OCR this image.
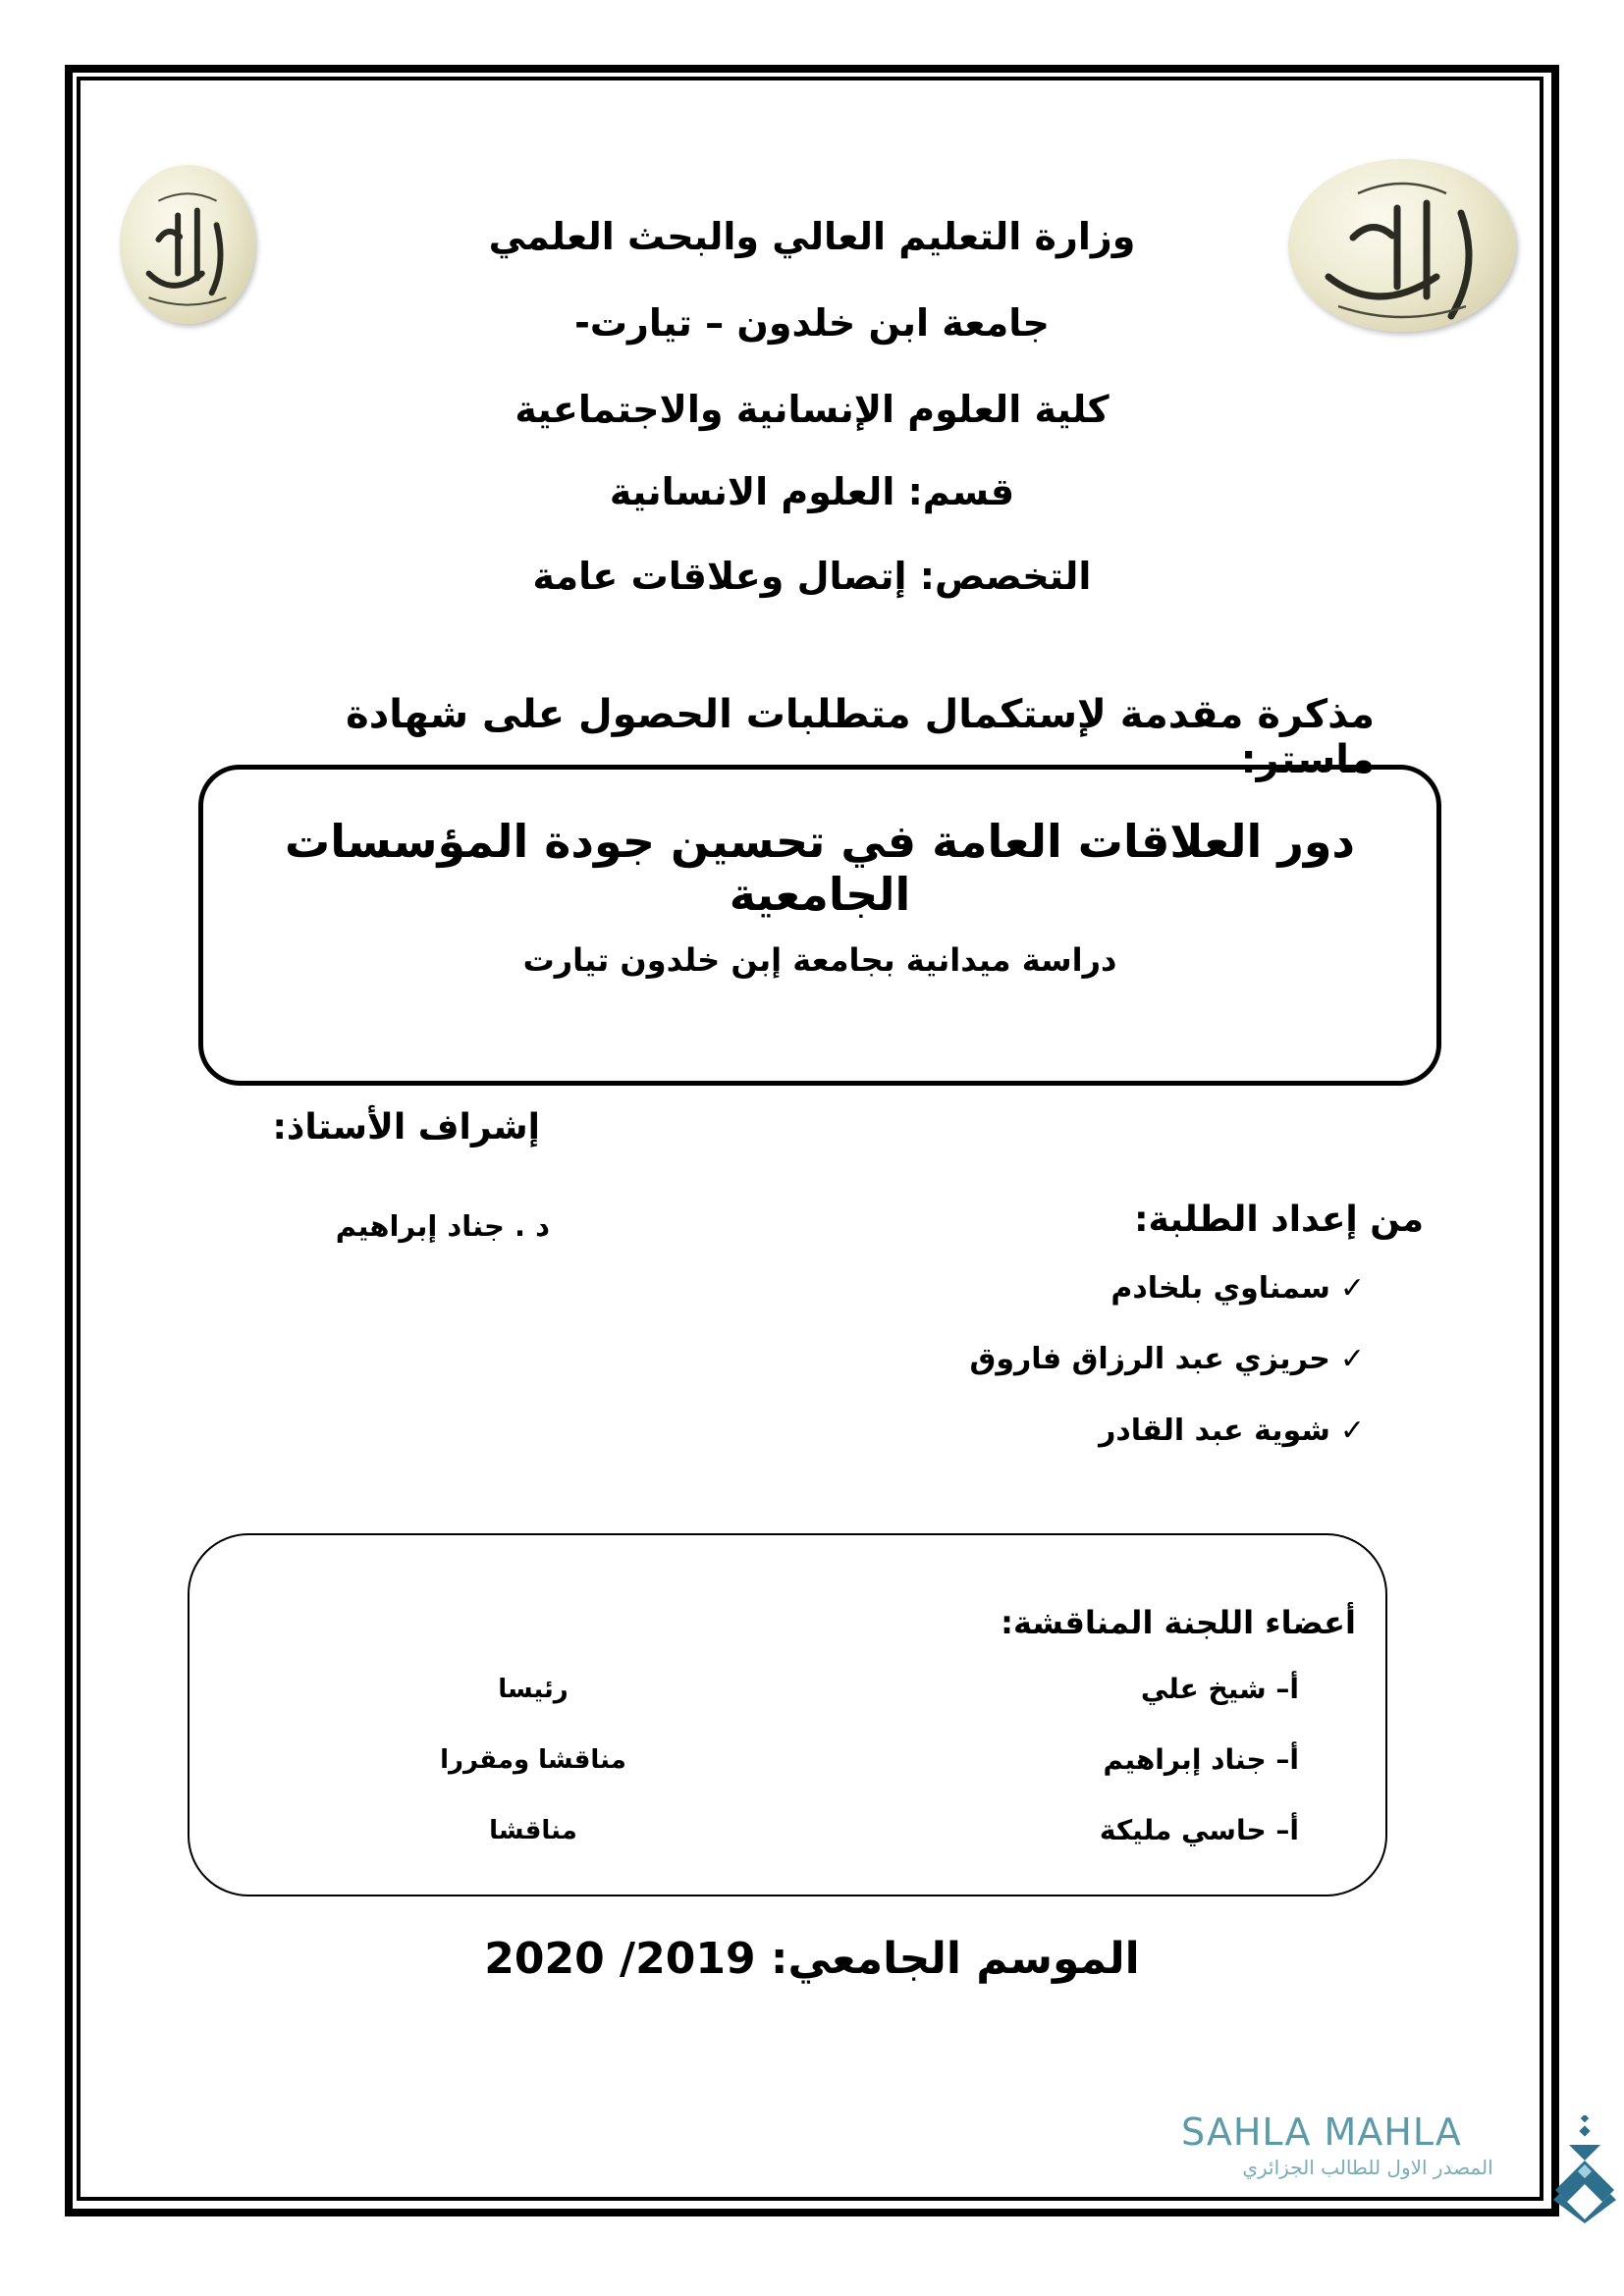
وزارة التعليم العالي والبحث العلمي
جامعة ابن خلدون – تيارت-
كلية العلوم الإنسانية والاجتماعية
قسم: العلوم الانسانية
التخصص: إتصال وعلاقات عامة
مذكرة مقدمة لإستكمال متطلبات الحصول على شهادة ماستر:
دور العلاقات العامة في تحسين جودة المؤسسات الجامعية
دراسة ميدانية بجامعة إبن خلدون تيارت
إشراف الأستاذ:
د . جناد إبراهيم	من إعداد الطلبة:
✓سمناوي بلخادم
✓حريزي عبد الرزاق فاروق
✓شوية عبد القادر
أعضاء اللجنة المناقشة:
أ– شيخ علي
رئيسا
أ– جناد إبراهيم
مناقشا ومقررا
أ– حاسي مليكة
مناقشا
الموسم الجامعي: 2019/ 2020
SAHLA MAHLA
المصدر الاول للطالب الجزائري
